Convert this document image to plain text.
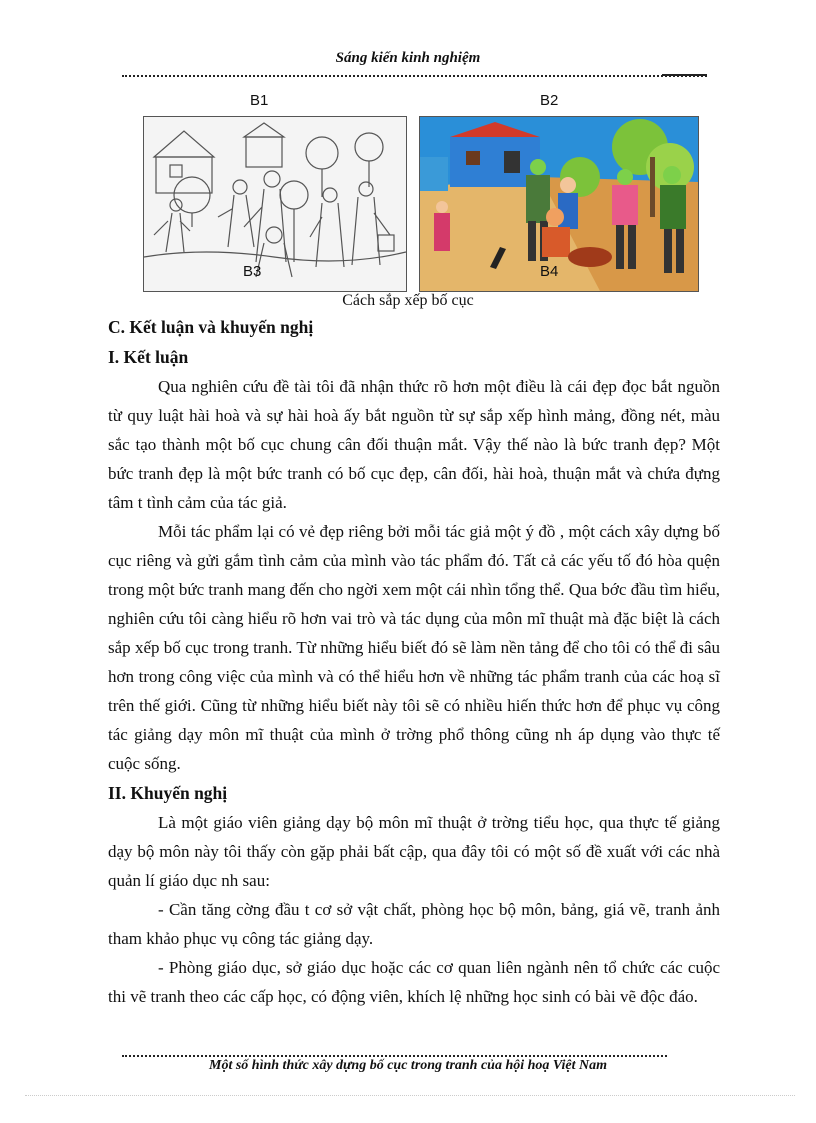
Sáng kiến kinh nghiệm
B1	B2
B3	B4
Cách sắp xếp bố cục
C. Kết luận và khuyến nghị
I. Kết luận

Qua nghiên cứu đề tài tôi đã nhận thức rõ hơn một điều là cái đẹp đọc bắt nguồn từ quy luật hài hoà và sự hài hoà ấy bắt nguồn từ sự sắp xếp hình mảng, đồng nét, màu sắc tạo thành một bố cục chung cân đối thuận mắt. Vậy thế nào là bức tranh đẹp? Một bức tranh đẹp là một bức tranh có bố cục đẹp, cân đối, hài hoà, thuận mắt và chứa đựng tâm t tình cảm của tác giả.

Mỗi tác phẩm lại có vẻ đẹp riêng bởi mỗi tác giả một ý đồ , một cách xây dựng bố cục riêng và gửi gắm tình cảm của mình vào tác phẩm đó. Tất cả các yếu tố đó hòa quện trong một bức tranh mang đến cho ngời xem một cái nhìn tổng thể. Qua bớc đầu tìm hiểu, nghiên cứu tôi càng hiểu rõ hơn vai trò và tác dụng của môn mĩ thuật mà đặc biệt là cách sắp xếp bố cục trong tranh. Từ những hiểu biết đó sẽ làm nền tảng để cho tôi có thể đi sâu hơn trong công việc của mình và có thể hiểu hơn về những tác phẩm tranh của các hoạ sĩ trên thế giới. Cũng từ những hiểu biết này tôi sẽ có nhiều hiến thức hơn để phục vụ công tác giảng dạy môn mĩ thuật của mình ở trờng phổ thông cũng nh áp dụng vào thực tế cuộc sống.

II. Khuyến nghị

Là một giáo viên giảng dạy bộ môn mĩ thuật ở trờng tiểu học, qua thực tế giảng dạy bộ môn này tôi thấy còn gặp phải bất cập, qua đây tôi có một số đề xuất với các nhà quản lí giáo dục nh sau:

- Cần tăng cờng đầu t cơ sở vật chất, phòng học bộ môn, bảng, giá vẽ, tranh ảnh tham khảo phục vụ công tác giảng dạy.

- Phòng giáo dục, sở giáo dục hoặc các cơ quan liên ngành nên tổ chức các cuộc thi vẽ tranh theo các cấp học, có động viên, khích lệ những học sinh có bài vẽ độc đáo.

Một số hình thức xây dựng bố cục trong tranh của hội hoạ Việt Nam
